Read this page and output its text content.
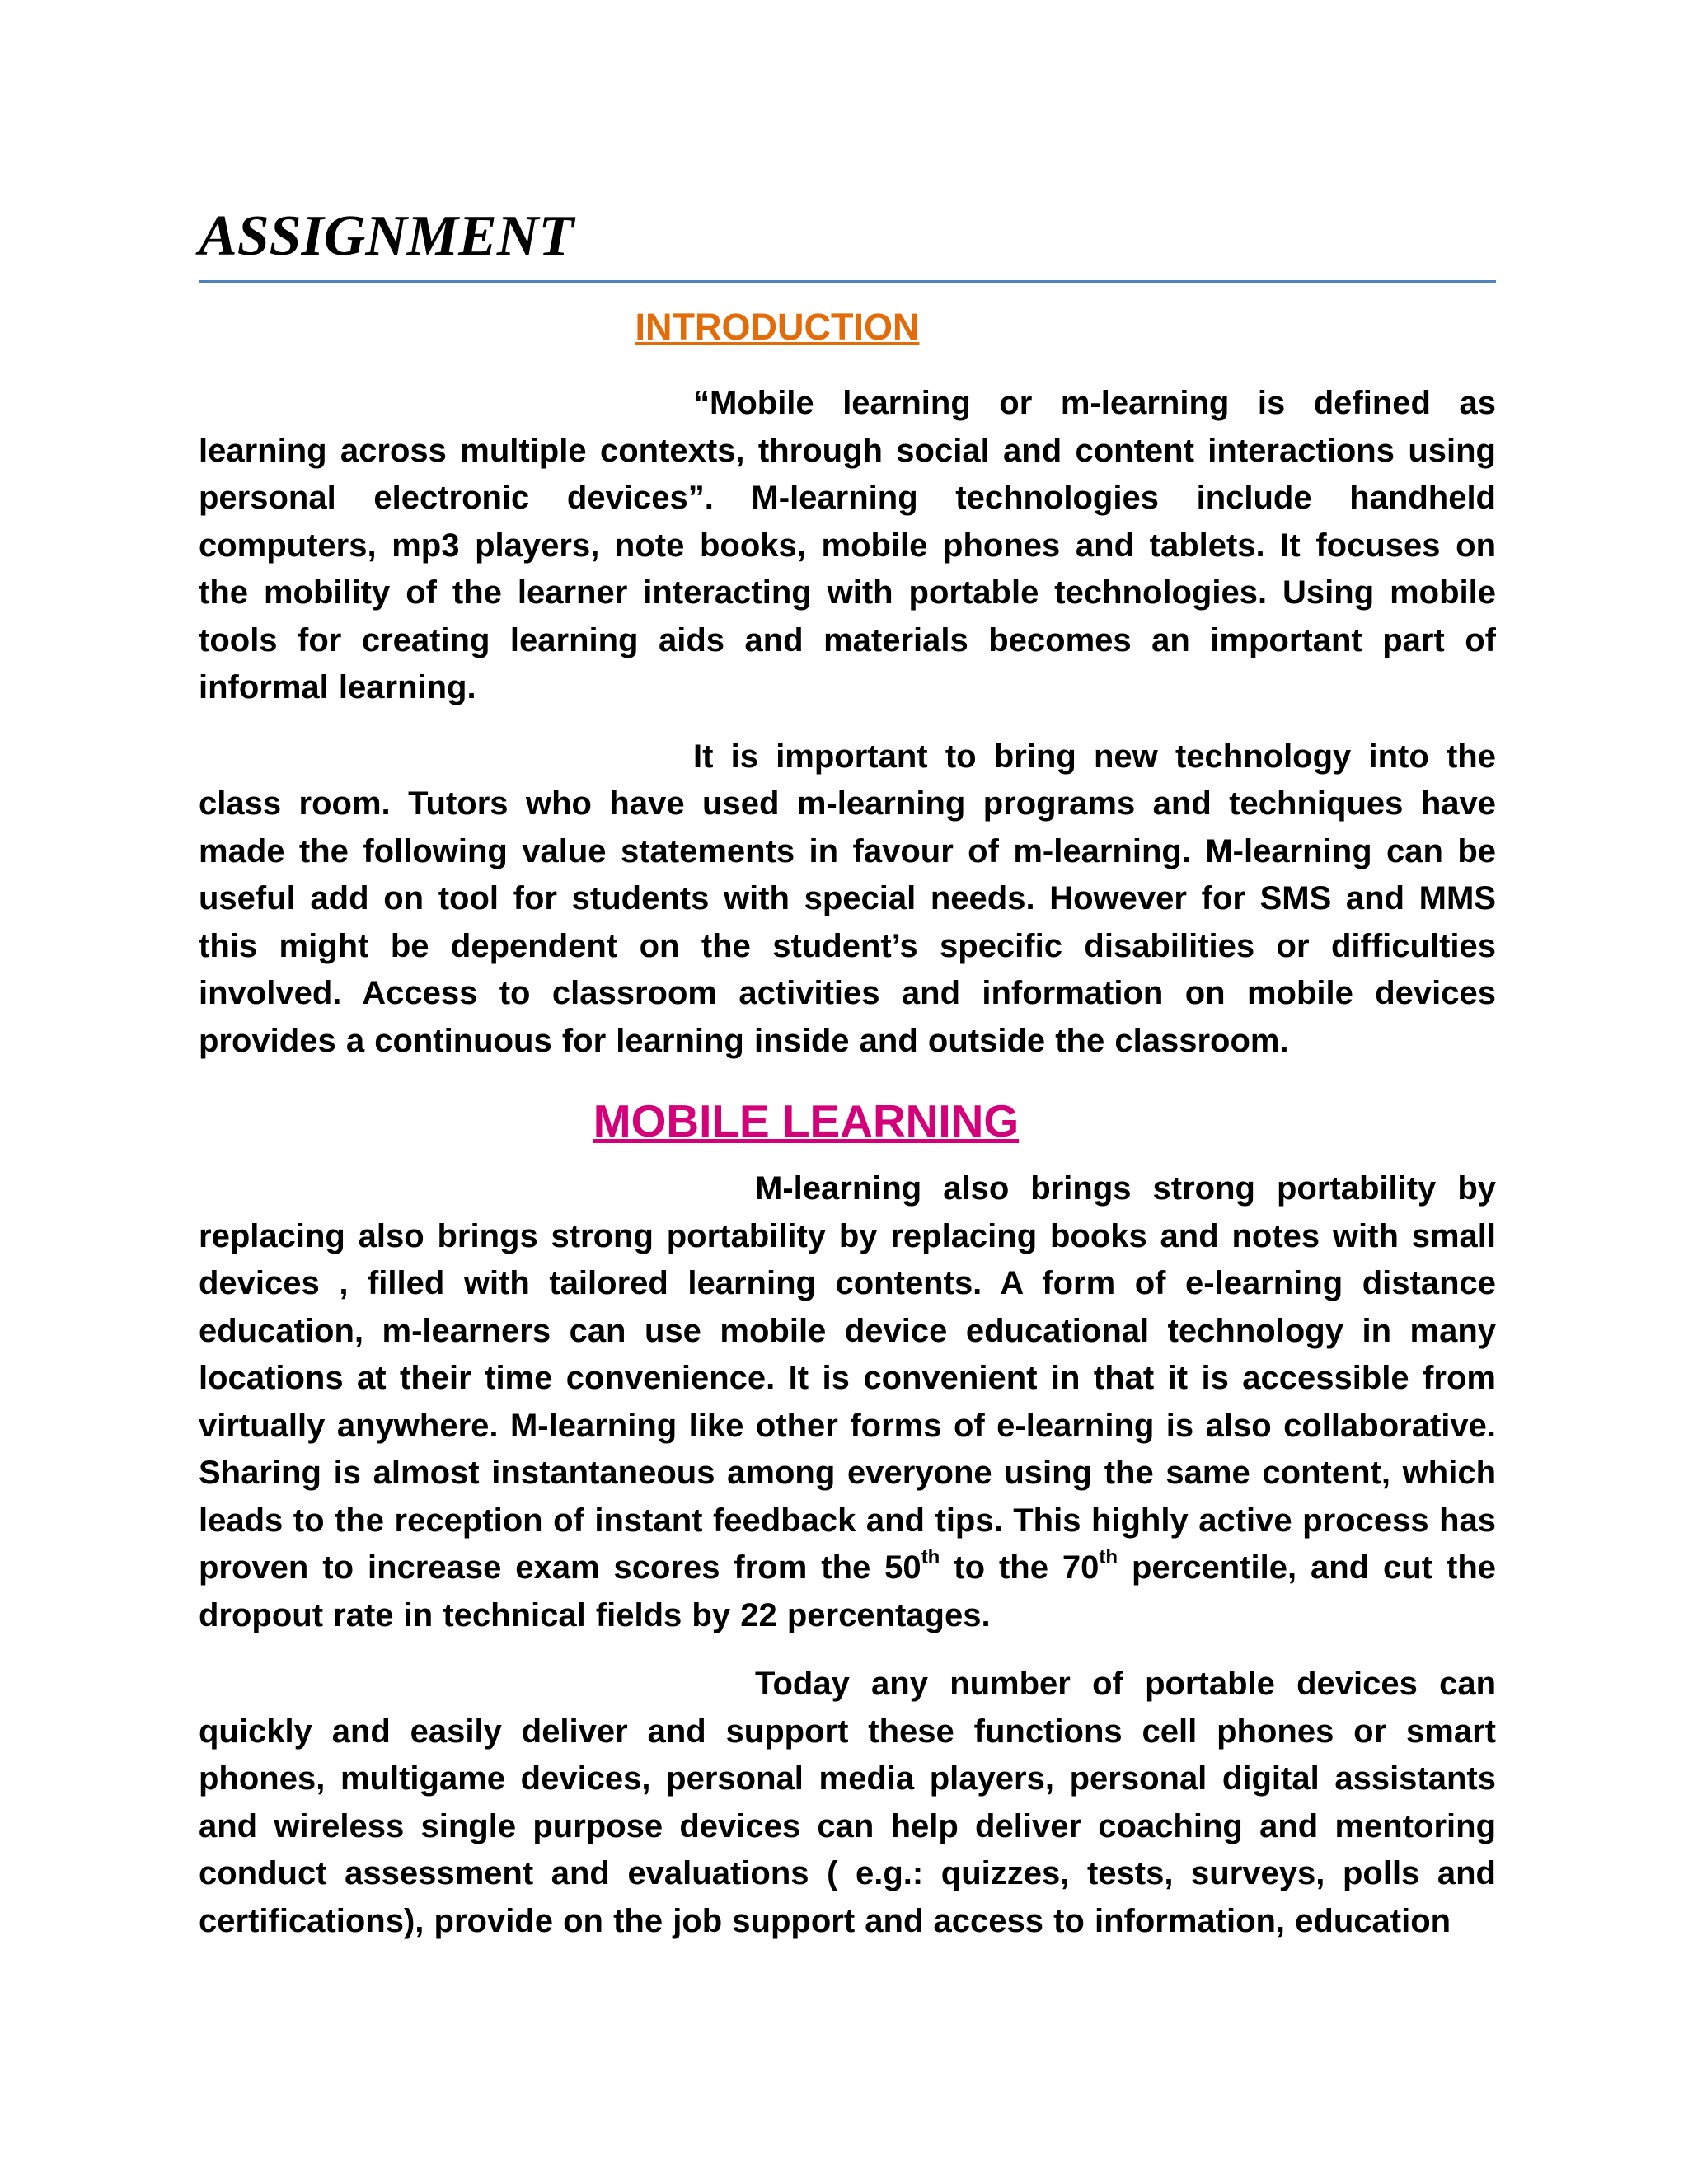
ASSIGNMENT
INTRODUCTION

“Mobile learning or m-learning is defined as learning across multiple contexts, through social and content interactions using personal electronic devices”. M-learning technologies include handheld computers, mp3 players, note books, mobile phones and tablets. It focuses on the mobility of the learner interacting with portable technologies. Using mobile tools for creating learning aids and materials becomes an important part of informal learning.

It is important to bring new technology into the class room. Tutors who have used m-learning programs and techniques have made the following value statements in favour of m-learning. M-learning can be useful add on tool for students with special needs. However for SMS and MMS this might be dependent on the student’s specific disabilities or difficulties involved. Access to classroom activities and information on mobile devices provides a continuous for learning inside and outside the classroom.

MOBILE LEARNING

M-learning also brings strong portability by replacing also brings strong portability by replacing books and notes with small devices , filled with tailored learning contents. A form of e-learning distance education, m-learners can use mobile device educational technology in many locations at their time convenience. It is convenient in that it is accessible from virtually anywhere. M-learning like other forms of e-learning is also collaborative. Sharing is almost instantaneous among everyone using the same content, which leads to the reception of instant feedback and tips. This highly active process has proven to increase exam scores from the 50th to the 70th percentile, and cut the dropout rate in technical fields by 22 percentages.

Today any number of portable devices can quickly and easily deliver and support these functions cell phones or smart phones, multigame devices, personal media players, personal digital assistants and wireless single purpose devices can help deliver coaching and mentoring conduct assessment and evaluations ( e.g.: quizzes, tests, surveys, polls and certifications), provide on the job support and access to information, education
